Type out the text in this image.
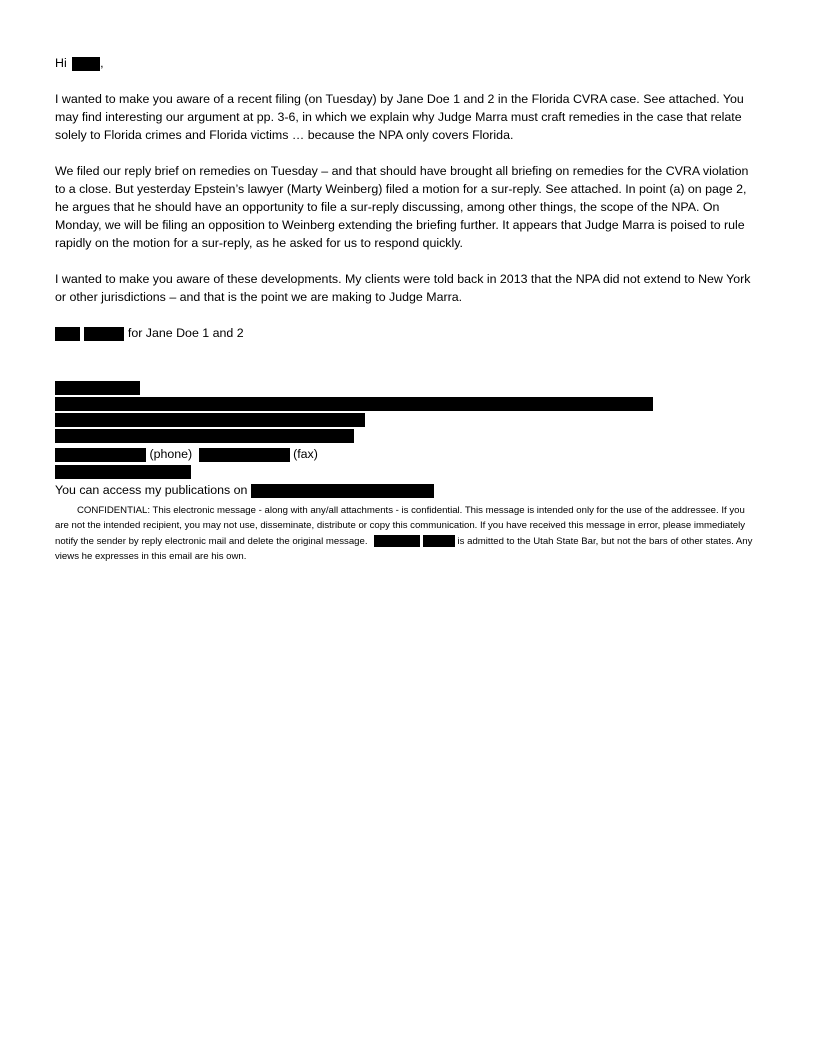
Hi	,

I wanted to make you aware of a recent filing (on Tuesday) by Jane Doe 1 and 2 in the Florida CVRA case. See attached. You may find interesting our argument at pp. 3-6, in which we explain why Judge Marra must craft remedies in the case that relate solely to Florida crimes and Florida victims … because the NPA only covers Florida.

We filed our reply brief on remedies on Tuesday – and that should have brought all briefing on remedies for the CVRA violation to a close. But yesterday Epstein’s lawyer (Marty Weinberg) filed a motion for a sur-reply. See attached. In point (a) on page 2, he argues that he should have an opportunity to file a sur-reply discussing, among other things, the scope of the NPA. On Monday, we will be filing an opposition to Weinberg extending the briefing further. It appears that Judge Marra is poised to rule rapidly on the motion for a sur-reply, as he asked for us to respond quickly.

I wanted to make you aware of these developments. My clients were told back in 2013 that the NPA did not extend to New York or other jurisdictions – and that is the point we are making to Judge Marra.

for Jane Doe 1 and 2
(phone)	(fax)
You can access my publications on

CONFIDENTIAL: This electronic message - along with any/all attachments - is confidential. This message is intended only for the use of the addressee. If you are not the intended recipient, you may not use, disseminate, distribute or copy this communication. If you have received this message in error, please immediately notify the sender by reply electronic mail and delete the original message.	is admitted to the Utah State Bar, but not the bars of other states. Any views he expresses in this email are his own.
